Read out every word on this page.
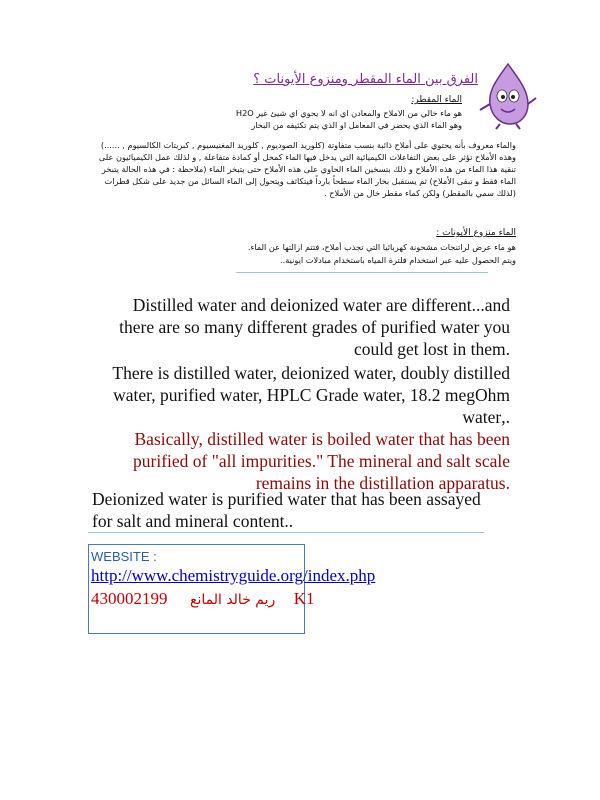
الفرق بين الماء المقطر ومنزوع الأيونات ؟
الماء المقطر:
هو ماء خالي من الاملاح والمعادن اي انه لا يحوي اي شيئ غير H2O
وهو الماء الذي يحضر في المعامل او الذي يتم تكثيفه من البخار
والماء معروف بأنه يحتوي على أملاح ذائبة بنسب متفاوتة (كلوريد الصوديوم , كلوريد المغنيسيوم , كبريتات الكالسيوم , ......) وهذه الأملاح تؤثر على بعض التفاعلات الكيميائية التي يدخل فيها الماء كمحل أو كمادة متفاعلة , و لذلك عمل الكيميائيون على تنقية هذا الماء من هذه الأملاح و ذلك بتسخين الماء الحاوي على هذه الأملاح حتى يتبخر الماء (ملاحظة : في هذه الحالة يتبخر الماء فقط و تبقى الأملاح) ثم يستقبل بخار الماء سطحاً بارداً فيتكاثف ويتحول إلى الماء السائل من جديد على شكل قطرات (لذلك سمي بالمقطر) ولكن كماء مقطر خال من الأملاح .
الماء منزوع الأيونات :
هو ماء عرض لراتنجات مشحونة كهربائيا التي تجذب أملاح، فتتم ازالتها عن الماء.
ويتم الحصول عليه عبر استخدام فلترة المياه باستخدام مبادلات ايونية..
Distilled water and deionized water are different...and
there are so many different grades of purified water you
.could get lost in them
There is distilled water, deionized water, doubly distilled
water, purified water, HPLC Grade water, 18.2 megOhm
.,water
Basically, distilled water is boiled water that has been
purified of "all impurities." The mineral and salt scale
.remains in the distillation apparatus
Deionized water is purified water that has been assayed
for salt and mineral content..
WEBSITE :
http://www.chemistryguide.org/index.php
430002199 ريم خالد المانع K1
